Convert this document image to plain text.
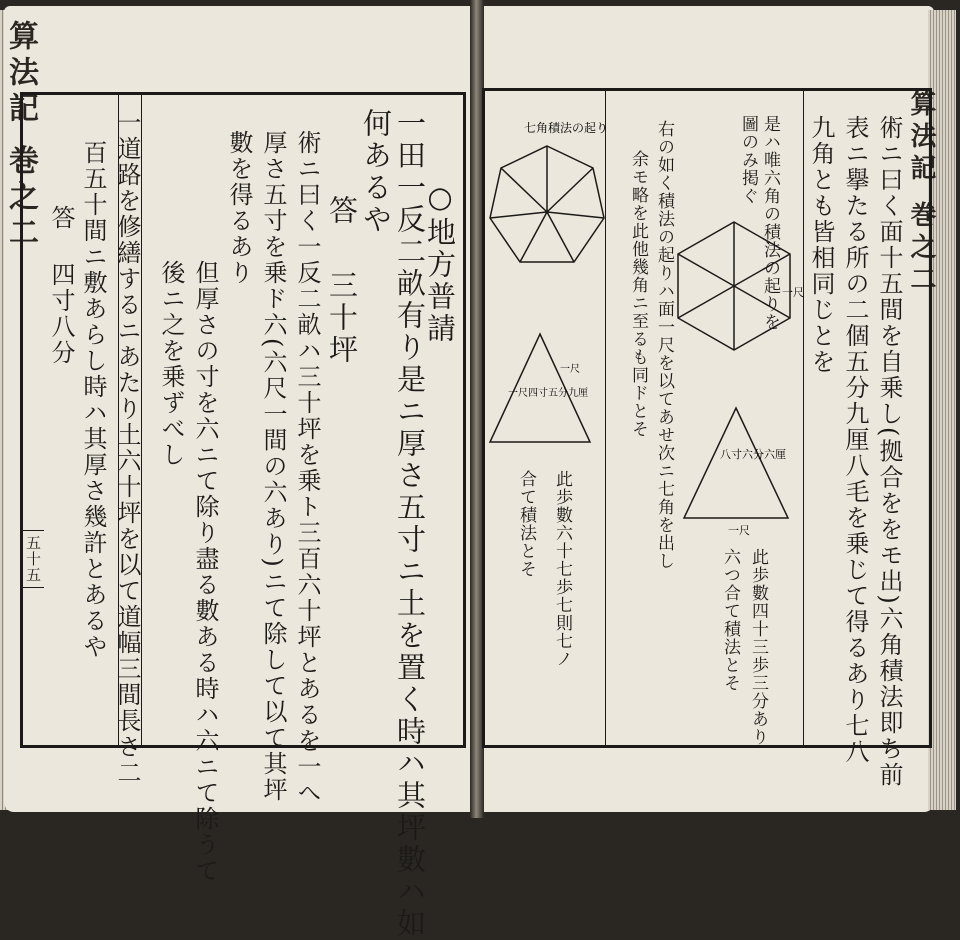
算法記 巻之二
五十五
○地方普請
一田一反二畝有り是ニ厚さ五寸ニ土を置く時ハ其坪數ハ如
何あるや
答
三十坪
術ニ曰く一反二畝ハ三十坪を乗ト三百六十坪とあるを一へ
厚さ五寸を乗ド六(六尺一間の六あり)ニて除して以て其坪
數を得るあり
但厚さの寸を六ニて除り盡る數ある時ハ六ニて除うて
後ニ之を乗ずべし
一道路を修繕するニあたり土六十坪を以て道幅三間長さ二
百五十間ニ敷あらし時ハ其厚さ幾許とあるや
答
四寸八分
算法記 巻之二
術ニ曰く面十五間を自乗し(拠合ををモ出)六角積法即ち前
表ニ擧たる所の二個五分九厘八毛を乗じて得るあり七八
九角とも皆相同じとを
是ハ唯六角の積法の起りを
圖のみ掲ぐ
右の如く積法の起りハ面一尺を以てあせ次ニ七角を出し
余モ略を此他幾角ニ至るも同ドとそ
此歩數四十三歩三分あり
六つ合て積法とそ
此歩數六十七歩七則七ノ
合て積法とそ
一尺
八寸六分六厘
一尺
七角積法の起り
一尺四寸五分九厘
一尺
